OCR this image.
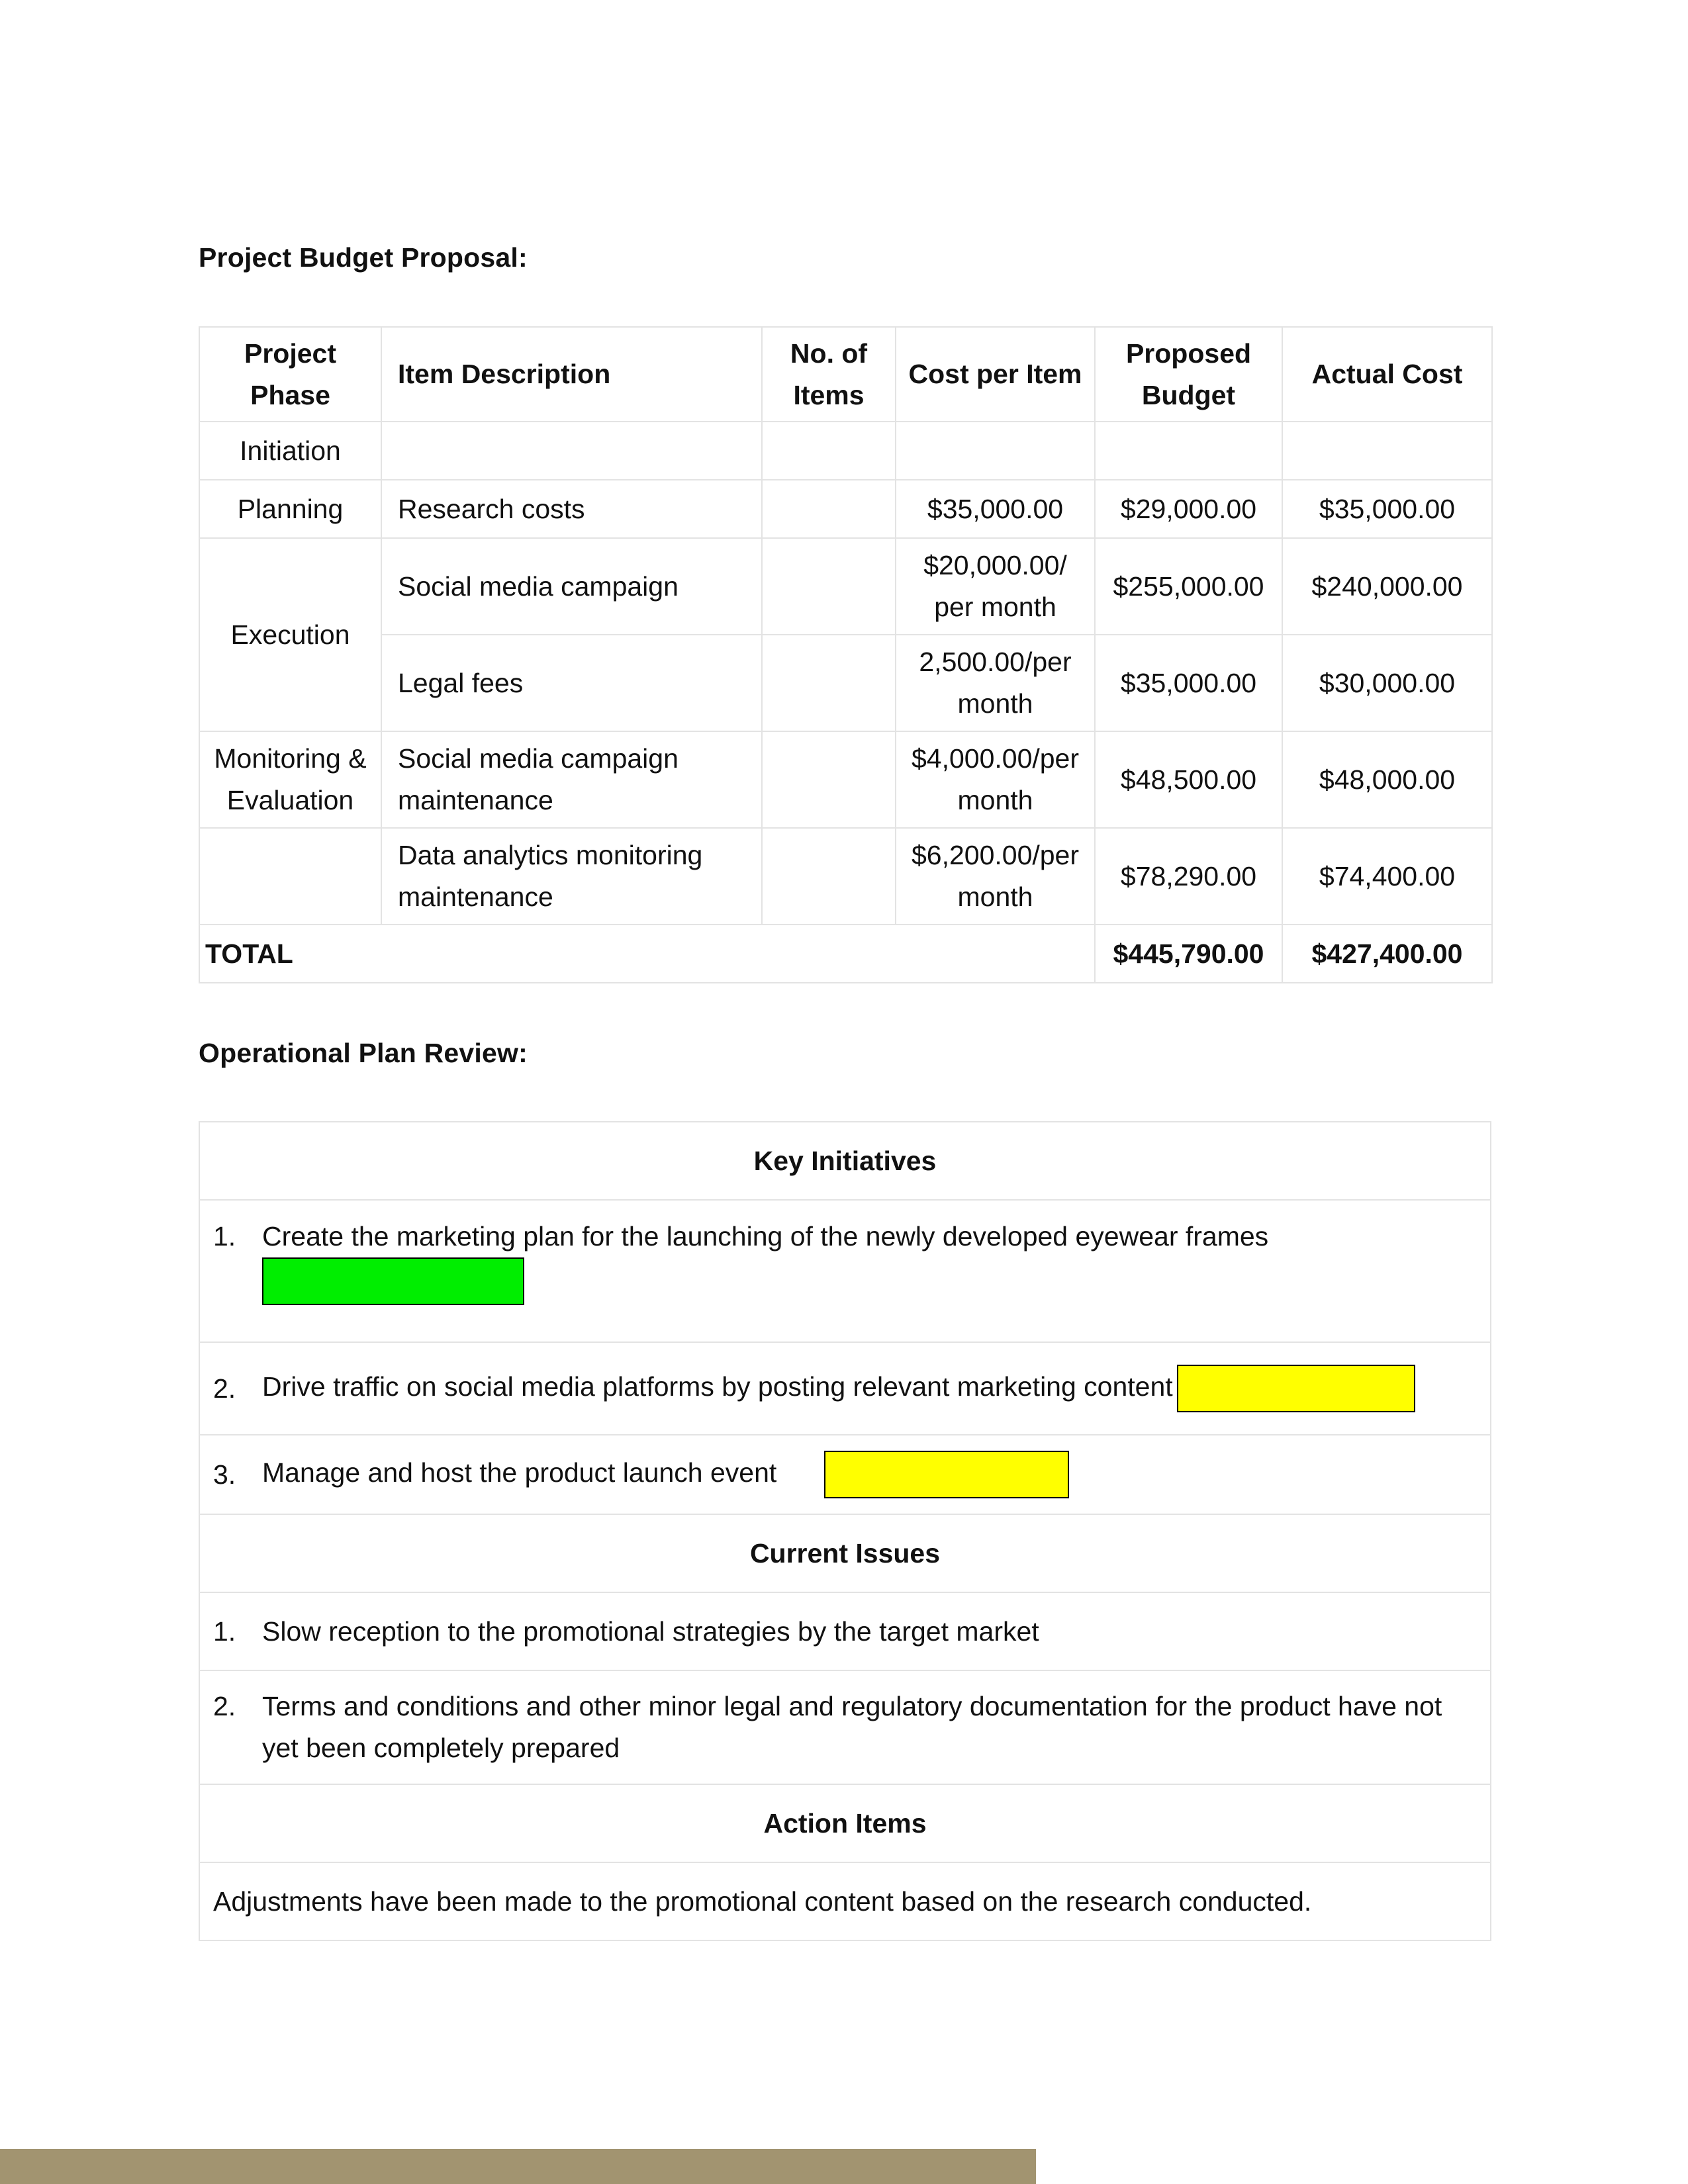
Project Budget Proposal:
Project Phase	Item Description	No. of Items	Cost per Item	Proposed Budget	Actual Cost
Initiation					
Planning	Research costs		$35,000.00	$29,000.00	$35,000.00
Execution	Social media campaign		$20,000.00/ per month	$255,000.00	$240,000.00
	Legal fees		2,500.00/per month	$35,000.00	$30,000.00
Monitoring & Evaluation	Social media campaign maintenance		$4,000.00/per month	$48,500.00	$48,000.00
	Data analytics monitoring maintenance		$6,200.00/per month	$78,290.00	$74,400.00
TOTAL				$445,790.00	$427,400.00
Operational Plan Review:
Key Initiatives

1. Create the marketing plan for the launching of the newly developed eyewear frames

2. Drive traffic on social media platforms by posting relevant marketing content

3. Manage and host the product launch event

Current Issues

1. Slow reception to the promotional strategies by the target market

2. Terms and conditions and other minor legal and regulatory documentation for the product have not yet been completely prepared

Action Items
Adjustments have been made to the promotional content based on the research conducted.
